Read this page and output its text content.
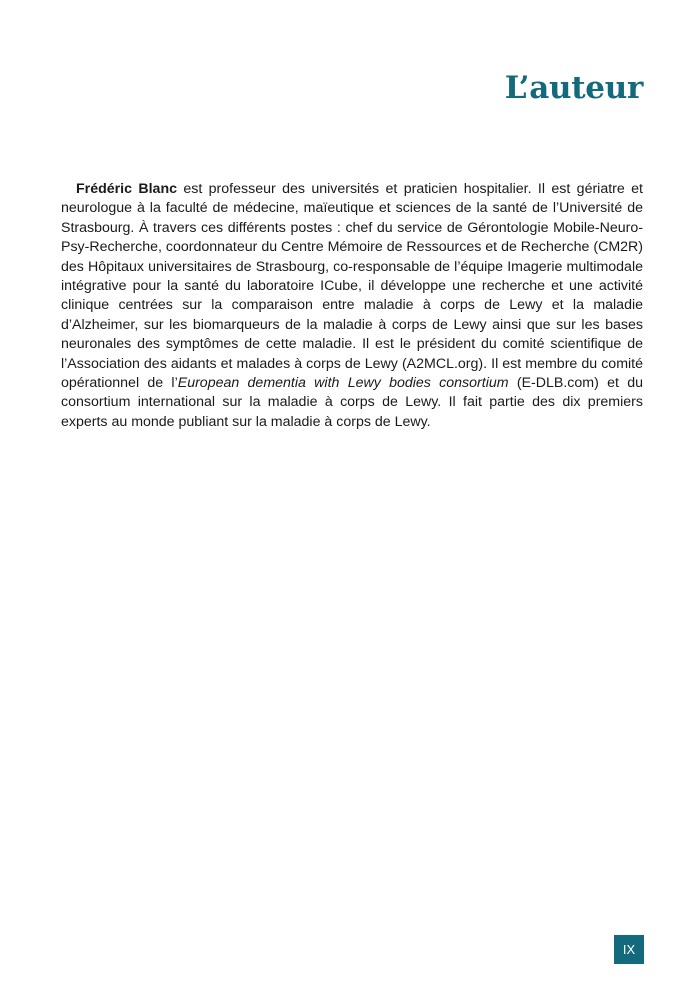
L’auteur

Frédéric Blanc est professeur des universités et praticien hospitalier. Il est gériatre et neurologue à la faculté de médecine, maïeutique et sciences de la santé de l’Université de Strasbourg. À travers ces différents postes : chef du service de Gérontologie Mobile-Neuro-Psy-Recherche, coordonnateur du Centre Mémoire de Ressources et de Recherche (CM2R) des Hôpitaux universitaires de Strasbourg, co-responsable de l’équipe Imagerie multimodale intégrative pour la santé du laboratoire ICube, il développe une recherche et une activité clinique centrées sur la comparaison entre maladie à corps de Lewy et la maladie d’Alzheimer, sur les biomarqueurs de la maladie à corps de Lewy ainsi que sur les bases neuronales des symptômes de cette maladie. Il est le président du comité scientifique de l’Association des aidants et malades à corps de Lewy (A2MCL.org). Il est membre du comité opérationnel de l’European dementia with Lewy bodies consortium (E-DLB.com) et du consortium international sur la maladie à corps de Lewy. Il fait partie des dix premiers experts au monde publiant sur la maladie à corps de Lewy.

IX
